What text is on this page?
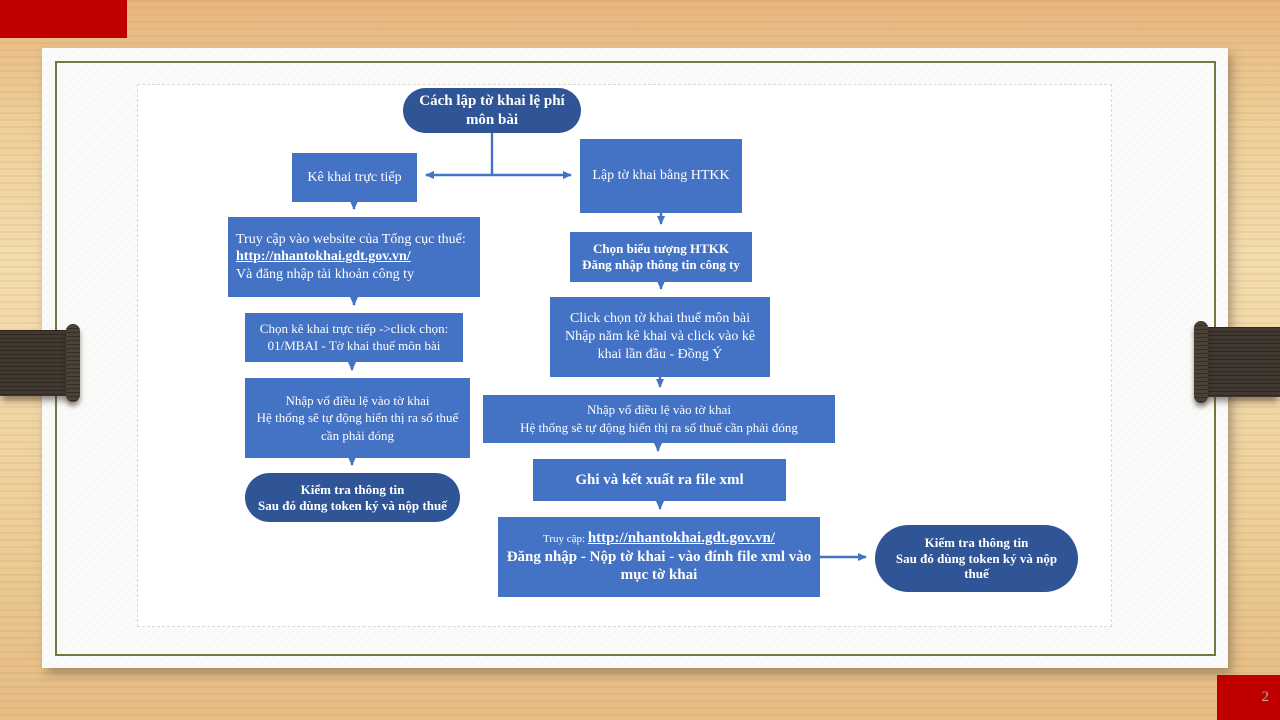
Cách lập tờ khai lệ phí môn bài
Kê khai trực tiếp	Lập tờ khai bằng HTKK
Truy cập vào website của Tổng cục thuế: http://nhantokhai.gdt.gov.vn/
Và đăng nhập tài khoản công ty
Chọn kê khai trực tiếp ->click chọn: 01/MBAI - Tờ khai thuế môn bài
Nhập vố điều lệ vào tờ khai
Hệ thống sẽ tự động hiển thị ra số thuế cần phải đóng
Kiểm tra thông tin
Sau đó dùng token ký và nộp thuế
Chọn biểu tượng HTKK
Đăng nhập thông tin công ty
Click chọn tờ khai thuế môn bài Nhập năm kê khai và click vào kê khai lần đầu - Đồng Ý
Nhập vố điều lệ vào tờ khai
Hệ thống sẽ tự động hiển thị ra số thuế cần phải đóng
Ghi và kết xuất ra file xml
Truy cập: http://nhantokhai.gdt.gov.vn/
Đăng nhập - Nộp tờ khai - vào đính file xml vào mục tờ khai
Kiểm tra thông tin
Sau đó dùng token ký và nộp thuế
2
